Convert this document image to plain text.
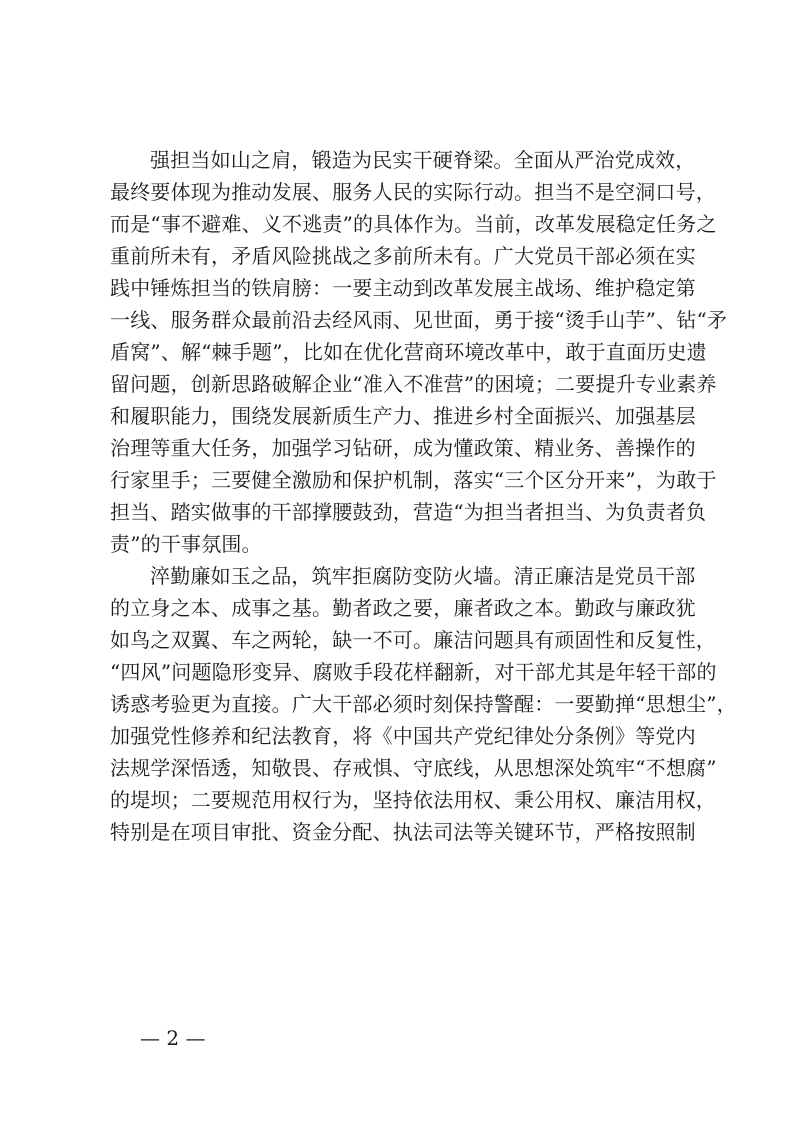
强担当如山之肩，锻造为民实干硬脊梁。全面从严治党成效，
最终要体现为推动发展、服务人民的实际行动。担当不是空洞口号，
而是“事不避难、义不逃责”的具体作为。当前，改革发展稳定任务之
重前所未有，矛盾风险挑战之多前所未有。广大党员干部必须在实
践中锤炼担当的铁肩膀：一要主动到改革发展主战场、维护稳定第
一线、服务群众最前沿去经风雨、见世面，勇于接“烫手山芋”、钻“矛
盾窝”、解“棘手题”，比如在优化营商环境改革中，敢于直面历史遗
留问题，创新思路破解企业“准入不准营”的困境；二要提升专业素养
和履职能力，围绕发展新质生产力、推进乡村全面振兴、加强基层
治理等重大任务，加强学习钻研，成为懂政策、精业务、善操作的
行家里手；三要健全激励和保护机制，落实“三个区分开来”，为敢于
担当、踏实做事的干部撑腰鼓劲，营造“为担当者担当、为负责者负
责”的干事氛围。
淬勤廉如玉之品，筑牢拒腐防变防火墙。清正廉洁是党员干部
的立身之本、成事之基。勤者政之要，廉者政之本。勤政与廉政犹
如鸟之双翼、车之两轮，缺一不可。廉洁问题具有顽固性和反复性，
“四风”问题隐形变异、腐败手段花样翻新，对干部尤其是年轻干部的
诱惑考验更为直接。广大干部必须时刻保持警醒：一要勤掸“思想尘”，
加强党性修养和纪法教育，将《中国共产党纪律处分条例》等党内
法规学深悟透，知敬畏、存戒惧、守底线，从思想深处筑牢“不想腐”
的堤坝；二要规范用权行为，坚持依法用权、秉公用权、廉洁用权，
特别是在项目审批、资金分配、执法司法等关键环节，严格按照制
— 2 —
